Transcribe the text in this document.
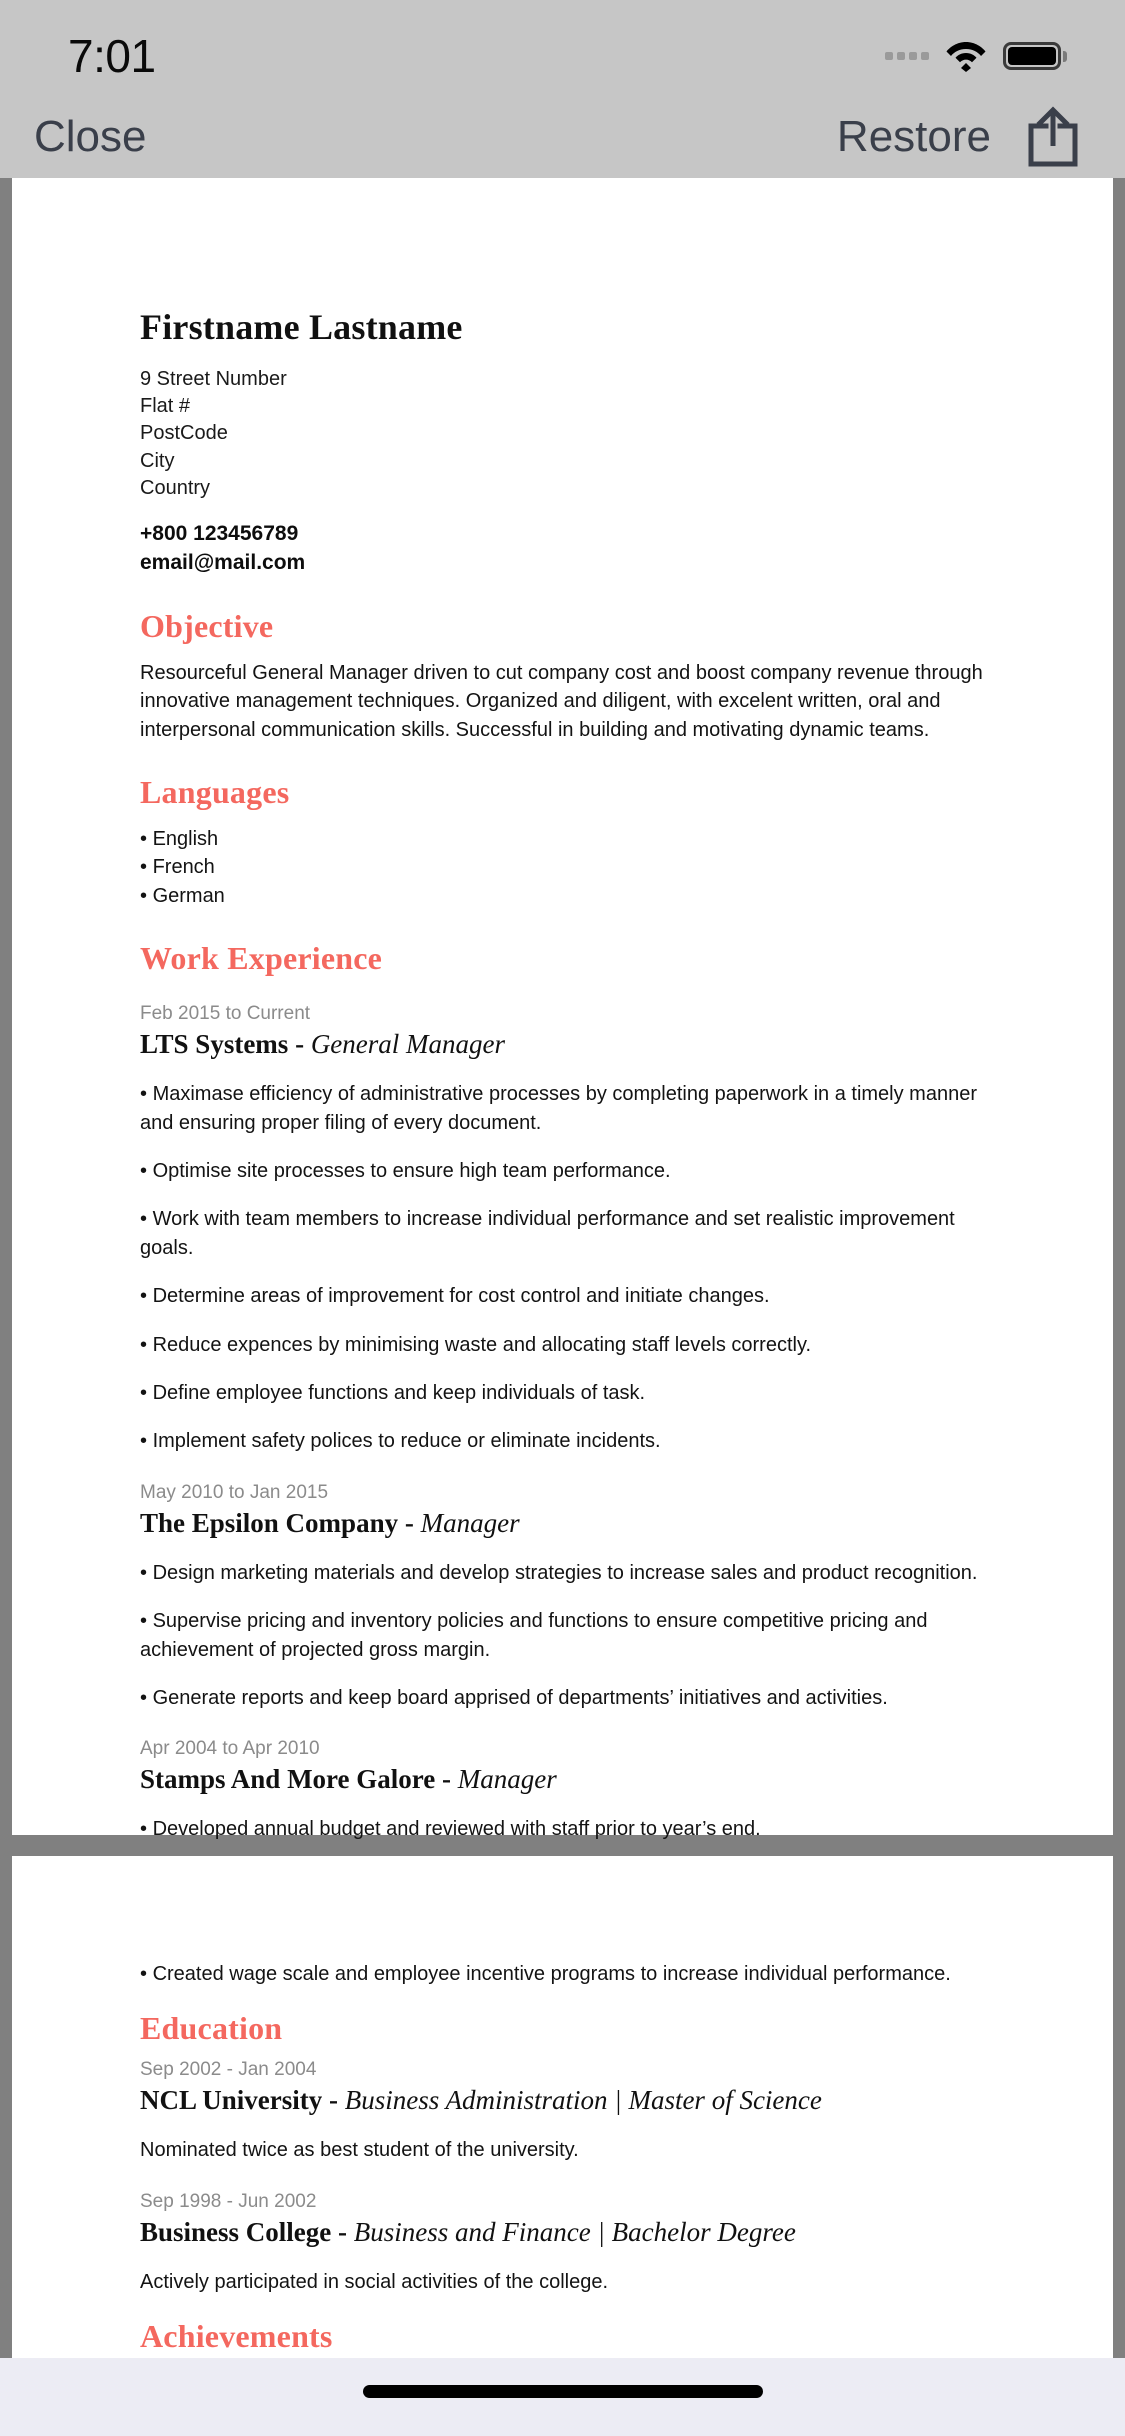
7:01
Close	Restore
Firstname Lastname
9 Street Number
Flat #
PostCode
City
Country
+800 123456789
email@mail.com
Objective
Resourceful General Manager driven to cut company cost and boost company revenue through innovative management techniques. Organized and diligent, with excelent written, oral and interpersonal communication skills. Successful in building and motivating dynamic teams.
Languages
• English
• French
• German
Work Experience
Feb 2015 to Current
LTS Systems - General Manager
• Maximase efficiency of administrative processes by completing paperwork in a timely manner and ensuring proper filing of every document.
• Optimise site processes to ensure high team performance.
• Work with team members to increase individual performance and set realistic improvement goals.
• Determine areas of improvement for cost control and initiate changes.
• Reduce expences by minimising waste and allocating staff levels correctly.
• Define employee functions and keep individuals of task.
• Implement safety polices to reduce or eliminate incidents.
May 2010 to Jan 2015
The Epsilon Company - Manager
• Design marketing materials and develop strategies to increase sales and product recognition.
• Supervise pricing and inventory policies and functions to ensure competitive pricing and achievement of projected gross margin.
• Generate reports and keep board apprised of departments’ initiatives and activities.
Apr 2004 to Apr 2010
Stamps And More Galore - Manager
• Developed annual budget and reviewed with staff prior to year’s end.
•
• Created wage scale and employee incentive programs to increase individual performance.
Education
Sep 2002 - Jan 2004
NCL University - Business Administration | Master of Science
Nominated twice as best student of the university.
Sep 1998 - Jun 2002
Business College - Business and Finance | Bachelor Degree
Actively participated in social activities of the college.
Achievements
